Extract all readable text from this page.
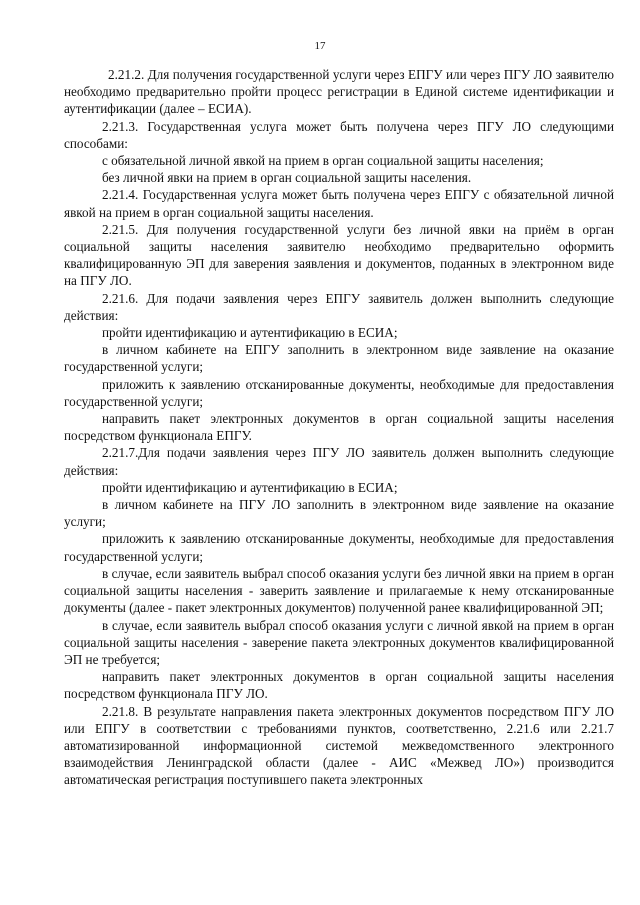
17

2.21.2. Для получения государственной услуги через ЕПГУ или через ПГУ ЛО заявителю необходимо предварительно пройти процесс регистрации в Единой системе идентификации и аутентификации (далее – ЕСИА).

2.21.3. Государственная услуга может быть получена через ПГУ ЛО следующими способами:

с обязательной личной явкой на прием в орган социальной защиты населения;

без личной явки на прием в орган социальной защиты населения.

2.21.4. Государственная услуга может быть получена через ЕПГУ с обязательной личной явкой на прием в орган социальной защиты населения.

2.21.5. Для получения государственной услуги без личной явки на приём в орган социальной защиты населения заявителю необходимо предварительно оформить квалифицированную ЭП для заверения заявления и документов, поданных в электронном виде на ПГУ ЛО.

2.21.6. Для подачи заявления через ЕПГУ заявитель должен выполнить следующие действия:

пройти идентификацию и аутентификацию в ЕСИА;

в личном кабинете на ЕПГУ заполнить в электронном виде заявление на оказание государственной услуги;

приложить к заявлению отсканированные документы, необходимые для предоставления государственной услуги;

направить пакет электронных документов в орган социальной защиты населения посредством функционала ЕПГУ.

2.21.7.Для подачи заявления через ПГУ ЛО заявитель должен выполнить следующие действия:

пройти идентификацию и аутентификацию в ЕСИА;

в личном кабинете на ПГУ ЛО заполнить в электронном виде заявление на оказание услуги;

приложить к заявлению отсканированные документы, необходимые для предоставления государственной услуги;

в случае, если заявитель выбрал способ оказания услуги без личной явки на прием в орган социальной защиты населения - заверить заявление и прилагаемые к нему отсканированные документы (далее - пакет электронных документов) полученной ранее квалифицированной ЭП;

в случае, если заявитель выбрал способ оказания услуги с личной явкой на прием в орган социальной защиты населения - заверение пакета электронных документов квалифицированной ЭП не требуется;

направить пакет электронных документов в орган социальной защиты населения посредством функционала ПГУ ЛО.

2.21.8. В результате направления пакета электронных документов посредством ПГУ ЛО или ЕПГУ в соответствии с требованиями пунктов, соответственно, 2.21.6 или 2.21.7 автоматизированной информационной системой межведомственного электронного взаимодействия Ленинградской области (далее - АИС «Межвед ЛО») производится автоматическая регистрация поступившего пакета электронных
